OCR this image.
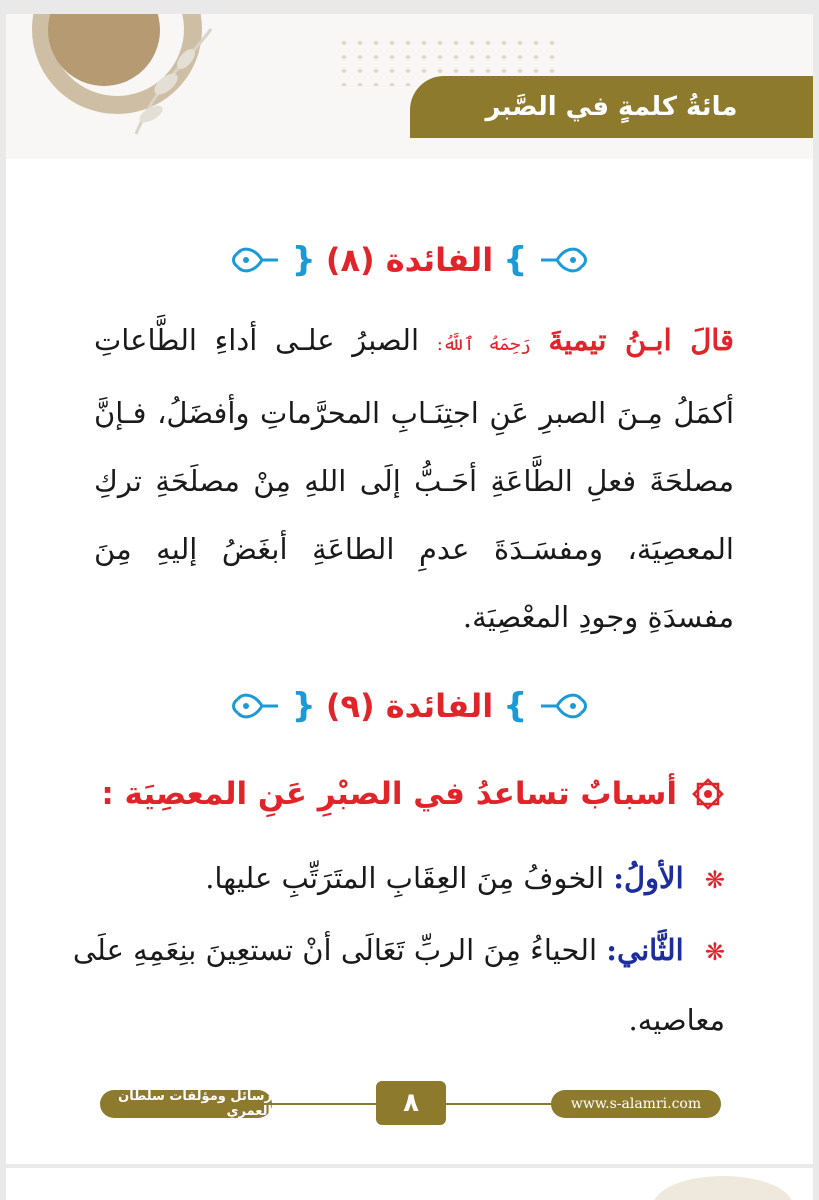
مائةُ كلمةٍ في الصَّبر
}
الفائدة (٨)
{
قالَ ابـنُ تيميةَ رَحِمَهُ ٱللَّهُ: الصبرُ علـى أداءِ الطَّاعاتِ أكمَلُ مِـنَ الصبرِ عَنِ اجتِنَـابِ المحرَّماتِ وأفضَلُ، فـإنَّ مصلحَةَ فعلِ الطَّاعَةِ أحَـبُّ إلَى اللهِ مِنْ مصلَحَةِ تركِ المعصِيَة، ومفسَـدَةَ عدمِ الطاعَةِ أبغَضُ إليهِ مِنَ مفسدَةِ وجودِ المعْصِيَة.
}
الفائدة (٩)
{
أسبابٌ تساعدُ في الصبْرِ عَنِ المعصِيَة :
❋ الأولُ: الخوفُ مِنَ العِقَابِ المتَرَتِّبِ عليها.
❋ الثَّاني: الحياءُ مِنَ الربِّ تَعَالَى أنْ تستعِينَ بنِعَمِهِ علَى معاصيه.
رسائل ومؤلفات سلطان العمري	٨	www.s-alamri.com
